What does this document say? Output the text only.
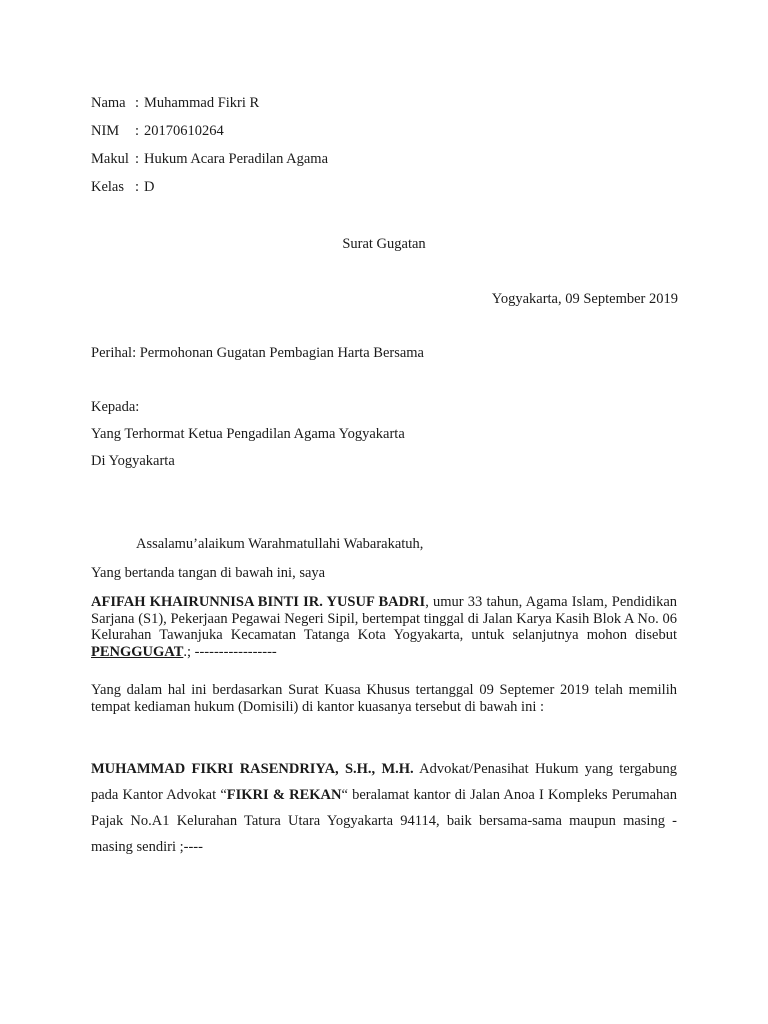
Nama : Muhammad Fikri R
NIM : 20170610264
Makul : Hukum Acara Peradilan Agama
Kelas : D
Surat Gugatan
Yogyakarta, 09 September 2019
Perihal: Permohonan Gugatan Pembagian Harta Bersama
Kepada:
Yang Terhormat Ketua Pengadilan Agama Yogyakarta
Di Yogyakarta
Assalamu’alaikum Warahmatullahi Wabarakatuh,
Yang bertanda tangan di bawah ini, saya
AFIFAH KHAIRUNNISA BINTI IR. YUSUF BADRI, umur 33 tahun, Agama Islam, Pendidikan Sarjana (S1), Pekerjaan Pegawai Negeri Sipil, bertempat tinggal di Jalan Karya Kasih Blok A No. 06 Kelurahan Tawanjuka Kecamatan Tatanga Kota Yogyakarta, untuk selanjutnya mohon disebut PENGGUGAT.; -----------------
Yang dalam hal ini berdasarkan Surat Kuasa Khusus tertanggal 09 Septemer 2019 telah memilih tempat kediaman hukum (Domisili) di kantor kuasanya tersebut di bawah ini :
MUHAMMAD FIKRI RASENDRIYA, S.H., M.H. Advokat/Penasihat Hukum yang tergabung pada Kantor Advokat “FIKRI & REKAN“ beralamat kantor di Jalan Anoa I Kompleks Perumahan Pajak No.A1 Kelurahan Tatura Utara Yogyakarta 94114, baik bersama-sama maupun masing - masing sendiri ;----
